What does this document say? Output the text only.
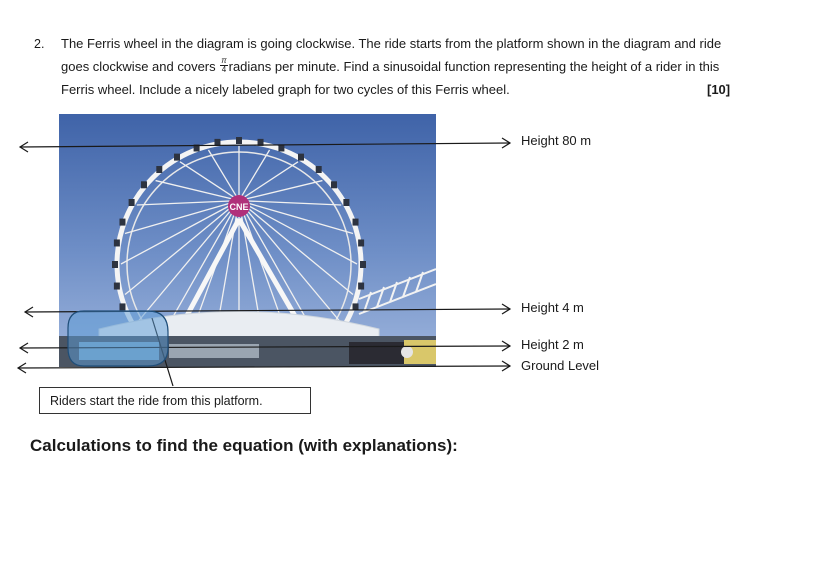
2. The Ferris wheel in the diagram is going clockwise. The ride starts from the platform shown in the diagram and ride
goes clockwise and covers $\frac{\pi}{4}$ radians per minute. Find a sinusoidal function representing the height of a rider in this
Ferris wheel. Include a nicely labeled graph for two cycles of this Ferris wheel.	[10]
CNE
Height 80 m
Height 4 m
Height 2 m
Ground Level
Riders start the ride from this platform.
Calculations to find the equation (with explanations):
